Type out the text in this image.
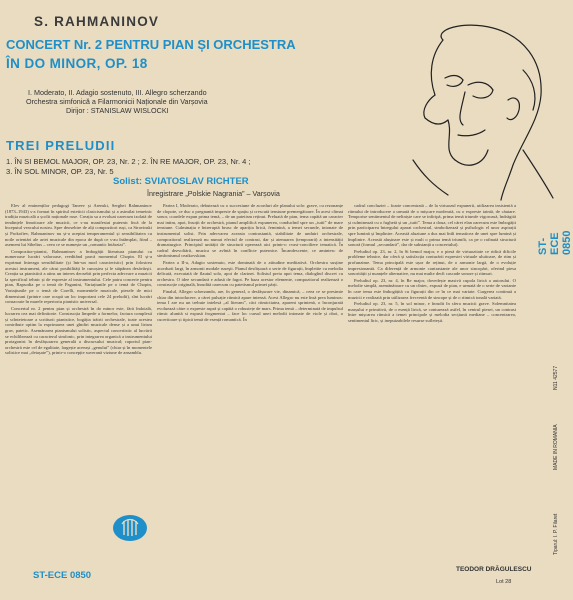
S. RAHMANINOV
CONCERT Nr. 2 PENTRU PIAN ȘI ORCHESTRA
ÎN DO MINOR, OP. 18
I. Moderato, II. Adagio sostenuto, III. Allegro scherzando
Orchestra simfonică a Filarmonicii Naționale din Varșovia
Dirijor : STANISLAW WISLOCKI
TREI PRELUDII
1. ÎN SI BEMOL MAJOR, OP. 23, Nr. 2 ; 2. ÎN RE MAJOR, OP. 23, Nr. 4 ;
3. ÎN SOL MINOR, OP. 23, Nr. 5
Solist: SVIATOSLAV RICHTER
Înregistrare „Polskie Nagrania” – Varșovia

Elev al eminenților pedagogi Taneev și Arenski, Serghei Rahmaninov (1873–1943) s-a format în spiritul esteticii clasicismului și a asimilat temeinic tradiția muzicală a școlii naționale ruse. Creația sa a evoluat oarecum izolată de tendințele înnoitoare ale muzicii, ce s-au manifestat puternic încă de la începutul veacului nostru. Spre deosebire de alți compozitori ruși, ca Stravinski și Prokofiev, Rahmaninov nu și-a aceptat temperamentul și sensibilitatea cu noile orientări ale artei muzicale din epoca de după ce s-au întâmplat, fiind – asemeni lui Sibelius – ceea ce se numește un „romantic întârziat”.

Compozitor-pianist, Rahmaninov a îmbogățit literatura pianului cu numeroase lucrări valoroase, reeditând parcă momentul Chopin. El și-a exprimat întreaga sensibilitate (și într-un mod caracteristic) prin folosirea acestui instrument, ale cărui posibilități le cunoștea și le stăpânea desăvârșit. Creația sa pianistică a atins un interes deosebit prin perfecta adecvare a muzicii la specificul tehnic și de expresie al instrumentului. Cele patru concerte pentru pian, Rapsodia pe o temă de Paganini, Variațiunile pe o temă de Chopin, Variațiunile pe o temă de Corelli, momentele muzicale, piesele de mici dimensiuni (printre care ocupă un loc important cele 24 preludii), sînt lucrări consacrate în marele repertoriu pianistic universal.

Concertul nr. 2 pentru pian și orchestră în do minor este, fără îndoială, lucrarea cea mai definitorie. Construcția limpede a formelor, factura complexă și scînteietoare a scriiturii pianistice, bogăția trăirii orchestrale, toate acestea contribuie optim la exprimarea unei gîndiri muzicale dense și a unui lirism grav, patetic. Asemănarea pianismului solistic, aspectul concertistic al lucrării se echilibrează cu caracterul simfonic, prin integrarea organică a instrumentului protagonist în desfășurarea generală a discursului muzical; raportul pian-orchestră este cel de egalitate, largește aceeași „genului” (chiar și în momentele solistice mai „detașate”), printr-o concepție suverană viziune de ansamblu.

Partea I, Moderato, debutează cu o succesiune de acorduri ale planului solo: grave, cu rezonanțe de clopote, ce duc o pregnantă impresie de spațiu și crescută tensiune premergătoare. În acest climat sonor, coardele expun prima temă, – de un patetism reținut. Preluată de pian, tema capătă un caracter mai intim, apoi, însoțit de orchestră, pianul amplifică expunerea, conducînd spre un „tutti” de mare tensiune. Culminația e întreruptă brusc de apariția lirică, feminină, a temei secunde, intonate de instrumentul solist. Prin adecvarea aceasta contrastantă, stabilitate de unduiri orchestrale, compozitorul realizează nu numai efectul de contrast, dar și atenuarea (temporară) a intensității dramaturgice. Principiul unității de structură operează aici printr-o cvasi-conciliere tematică. În cadrul dezvoltării, muzica se avîntă în conflicte puternice. Încandescente, ce amintesc de simfonismul ceaikovskian.

Partea a II-a, Adagio sostenuto, este dominată de o atitudine meditativă. Orchestra susține acordurii largi, în armonii modale ruseşti. Pianul desfășoară o serie de figurații, împletite cu melodia delicată, executată de flautul solo, apoi de clarinet. Solistul preia apoi tema, dialogînd discret cu orchestra. O idee secundară e adusă de fagot. Pe baza acestor elemente, compozitorul realizează o construcție originală, înrudită oarecum cu patetismul primei părți.

Finalul, Allegro scherzando, are, în general, o desfășurare vie, dinamică, – ceea ce se presimte chiar din introducere, a cărei pulsație ritmică apare intensă. Acest Allegro nu este însă prea luminos: tema I are nu un trebuie intelesă „al literam”, căci ritmicitatea, aparent sprintenă, o înconjurată evoluează către o expresie aspră și capătă o robustețe de mars. Prima temă – determinată de impulsul ritmic alunită si expusă frogmentat – face loc cursul unei melodii intonate de viole și oboi, o cuceritoare și tipică temă de esență romantică. În

cadrul concluziei – foarte concentrată – de la virtuozul expunerii, utilizarea insistentă a ritmului de introducere a urmată de o mișcare moderată, cu o expresie taintă, de căutare. Temporise sentimentul de neliniște care se infiripă, prima temă triumfe vigoroasă, îndrăgită și culminează cu o fughetă și un „tutti”. Tema a doua, cel cărei elan oarecum este îmbogățit prin participarea întregului aparat orchestral, simbolizează și psihologic el unor aspirații spre lumină și împlinire. Această aluziune a dus mai întîi tematicea de unei spre lumină și împlinire. Această alușinare este și mult o prima temă triumfă, ca pe o rafinată structură sonoră (formul „secundară”, dar de substanță a concertului).

Preludiul op. 23, nr. 2, în Si bemol major, e o piesă de virtuozitate ce ridică dificile probleme tehnice, dar oferă și satisfacția conturării expresiei virtuale uluitoare, de ritm și profunzime. Tema principală este ușor de reținut, de o armonie largă, de o evoluție impresionantă. Ca diferență de armonie contrastante ale unor sincopări, oferind piesa sonorității și nuanțele alternative, nu mai multe decît cascade sonore și ritmuri.

Preludiul op. 23, nr. 4, în Re major, dovedește masivă cupola lirică a autorului. O melodie simplă, asemănătoare cu un cîntec, expusă de pian, e urmată de o serie de variante în care tema este îmbogățită cu figurații din ce în ce mai variate. Curgerea continuă a muzicii e realizată prin utilizarea frecventă de sincope și de o ritmică tonală variată.

Preludiul op. 23, nr. 5, în sol minor, e înrudit în sfera muzicii grave. Solemnitatea marșului e primitivă, de o esență lirică, se conturează astfel, în centrul piesei, un contrast între mișcarea ritmică a temei principale și melodia secțiunii mediane – concentrarea, sentimentul liric, și inepuizabilele resurse sufletești.

ST-ECE 0850
ST-ECE 0850
MADE IN ROMANIA
Tiparul: I. P. Filaret
N11 42577
TEODOR DRĂGULESCU
Lot 28
